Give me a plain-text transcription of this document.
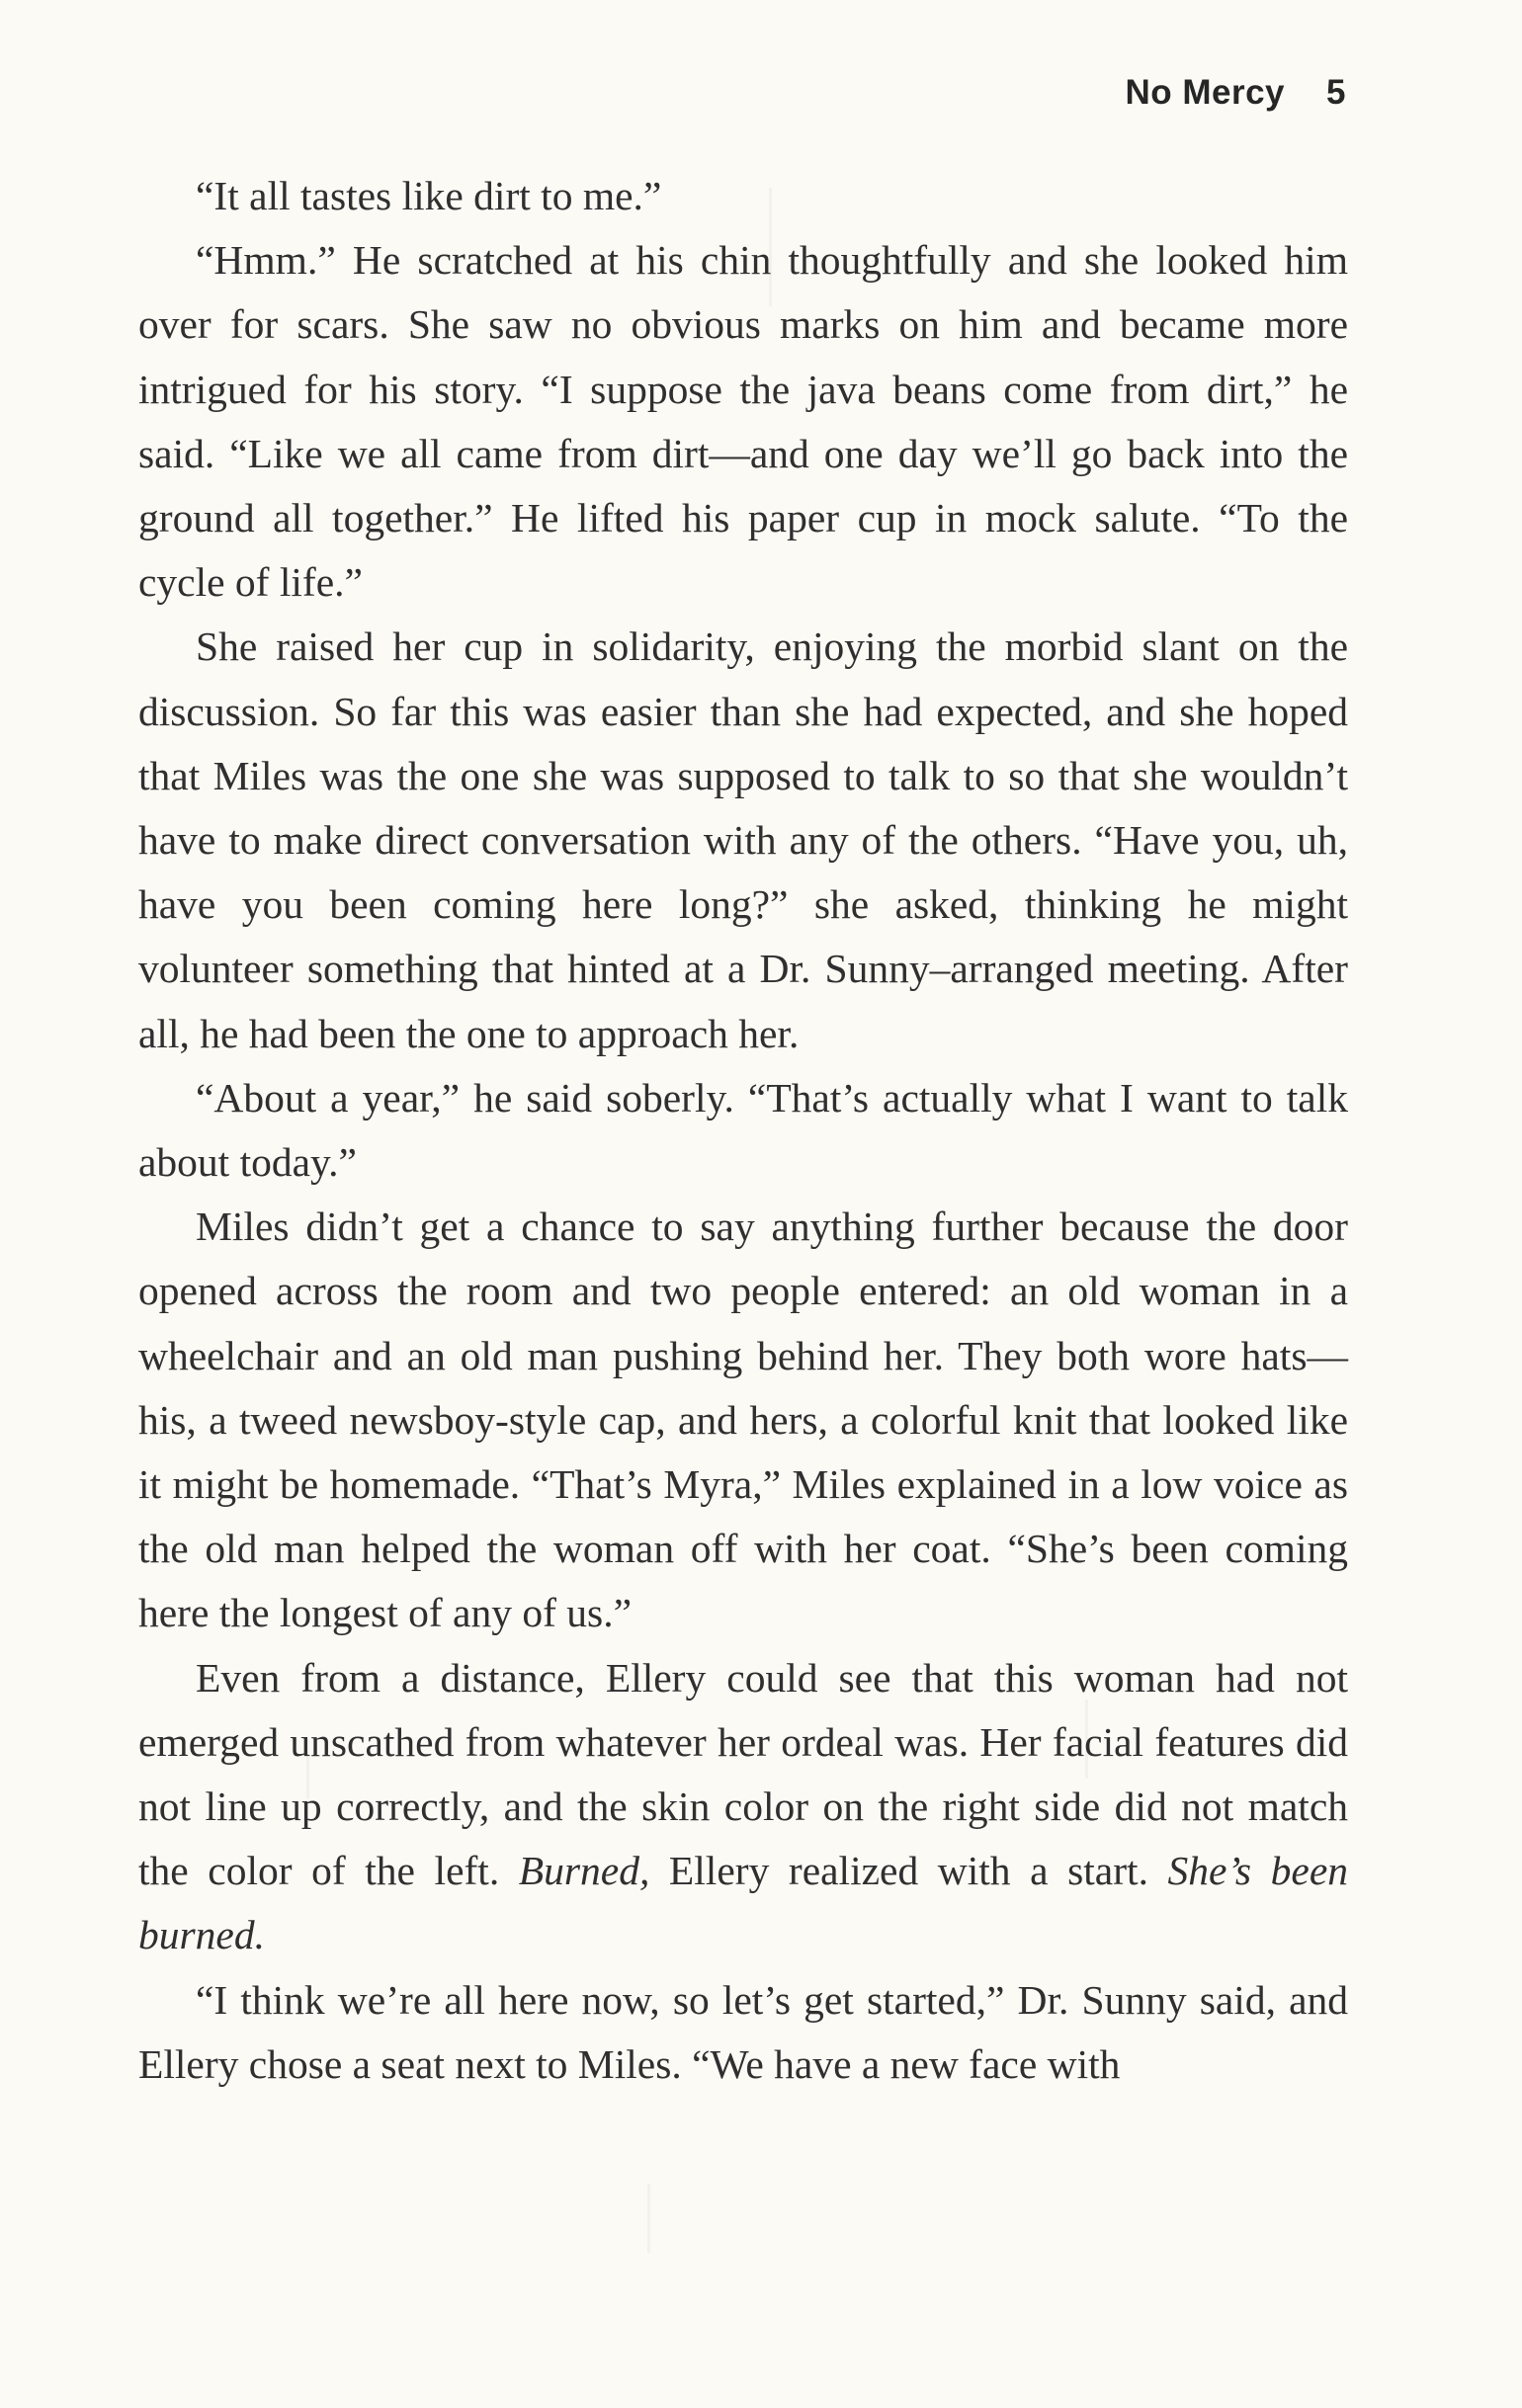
No Mercy 5

“It all tastes like dirt to me.”

“Hmm.” He scratched at his chin thoughtfully and she looked him over for scars. She saw no obvious marks on him and became more intrigued for his story. “I suppose the java beans come from dirt,” he said. “Like we all came from dirt—and one day we’ll go back into the ground all together.” He lifted his paper cup in mock salute. “To the cycle of life.”

She raised her cup in solidarity, enjoying the morbid slant on the discussion. So far this was easier than she had expected, and she hoped that Miles was the one she was supposed to talk to so that she wouldn’t have to make direct conversation with any of the others. “Have you, uh, have you been coming here long?” she asked, thinking he might volunteer something that hinted at a Dr. Sunny–arranged meeting. After all, he had been the one to approach her.

“About a year,” he said soberly. “That’s actually what I want to talk about today.”

Miles didn’t get a chance to say anything further because the door opened across the room and two people entered: an old woman in a wheelchair and an old man pushing behind her. They both wore hats—his, a tweed newsboy-style cap, and hers, a colorful knit that looked like it might be homemade. “That’s Myra,” Miles explained in a low voice as the old man helped the woman off with her coat. “She’s been coming here the longest of any of us.”

Even from a distance, Ellery could see that this woman had not emerged unscathed from whatever her ordeal was. Her facial features did not line up correctly, and the skin color on the right side did not match the color of the left. Burned, Ellery realized with a start. She’s been burned.

“I think we’re all here now, so let’s get started,” Dr. Sunny said, and Ellery chose a seat next to Miles. “We have a new face with
